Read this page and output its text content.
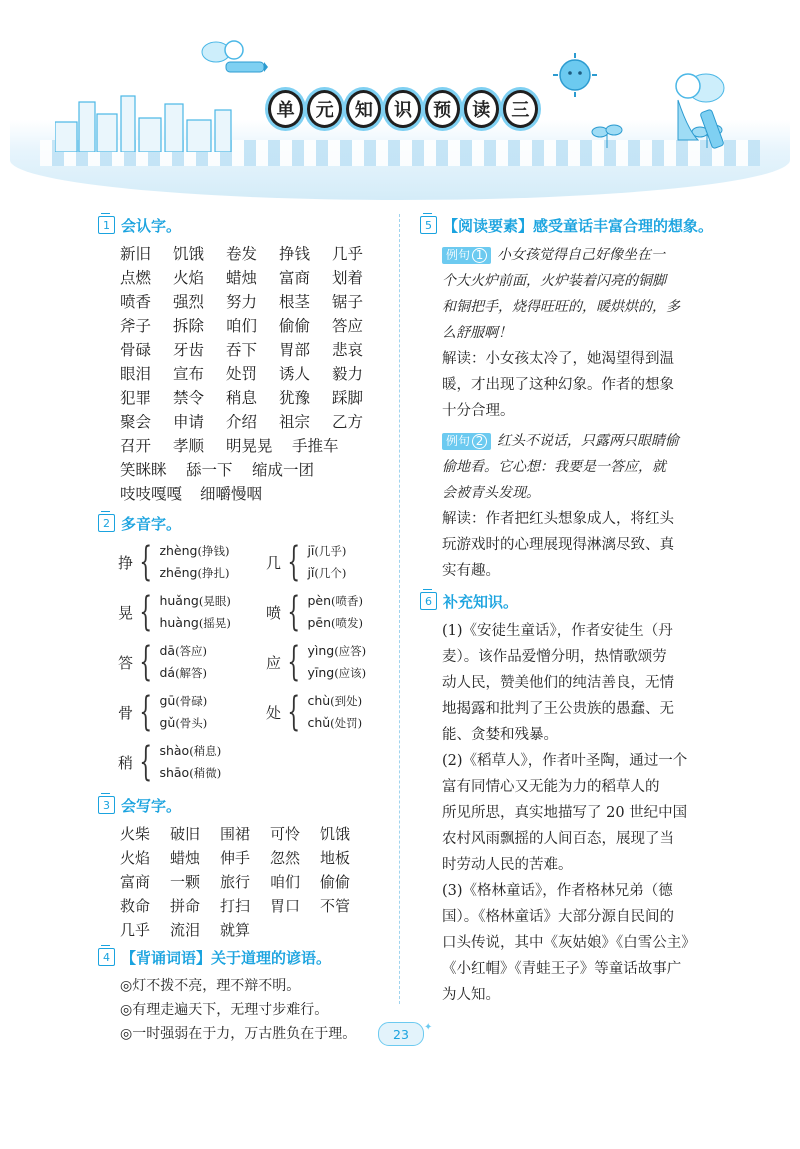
单	元	知	识	预	读	三
1 会认字。
新旧	饥饿	卷发	挣钱	几乎
点燃	火焰	蜡烛	富商	划着
喷香	强烈	努力	根茎	锯子
斧子	拆除	咱们	偷偷	答应
骨碌	牙齿	吞下	胃部	悲哀
眼泪	宣布	处罚	诱人	毅力
犯罪	禁令	稍息	犹豫	踩脚
聚会	申请	介绍	祖宗	乙方
召开	孝顺	明晃晃	手推车
笑眯眯	舔一下	缩成一团
吱吱嘎嘎	细嚼慢咽
2 多音字。
挣 { zhèng(挣钱)
zhēng(挣扎)
几 { jī(几乎)
jǐ(几个)
晃 { huǎng(晃眼)
huàng(摇晃)
喷 { pèn(喷香)
pēn(喷发)
答 { dā(答应)
dá(解答)
应 { yìng(应答)
yīng(应该)
骨 { gū(骨碌)
gǔ(骨头)
处 { chù(到处)
chǔ(处罚)
稍 { shào(稍息)
shāo(稍微)
3 会写字。
火柴	破旧	围裙	可怜	饥饿
火焰	蜡烛	伸手	忽然	地板
富商	一颗	旅行	咱们	偷偷
救命	拼命	打扫	胃口	不管
几乎	流泪	就算
4 【背诵词语】关于道理的谚语。
◎灯不拨不亮，理不辩不明。
◎有理走遍天下，无理寸步难行。
◎一时强弱在于力，万古胜负在于理。
5 【阅读要素】感受童话丰富合理的想象。
例句 1 小女孩觉得自己好像坐在一
个大火炉前面，火炉装着闪亮的铜脚
和铜把手，烧得旺旺的，暖烘烘的，多
么舒服啊！
解读：小女孩太冷了，她渴望得到温
暖，才出现了这种幻象。作者的想象
十分合理。
例句 2 红头不说话，只露两只眼睛偷
偷地看。它心想：我要是一答应，就
会被青头发现。
解读：作者把红头想象成人，将红头
玩游戏时的心理展现得淋漓尽致、真
实有趣。
6 补充知识。
(1)《安徒生童话》，作者安徒生（丹
麦）。该作品爱憎分明，热情歌颂劳
动人民，赞美他们的纯洁善良，无情
地揭露和批判了王公贵族的愚蠢、无
能、贪婪和残暴。
(2)《稻草人》，作者叶圣陶，通过一个
富有同情心又无能为力的稻草人的
所见所思，真实地描写了 20 世纪中国
农村风雨飘摇的人间百态，展现了当
时劳动人民的苦难。
(3)《格林童话》，作者格林兄弟（德
国）。《格林童话》大部分源自民间的
口头传说，其中《灰姑娘》《白雪公主》
《小红帽》《青蛙王子》等童话故事广
为人知。
23	✦
